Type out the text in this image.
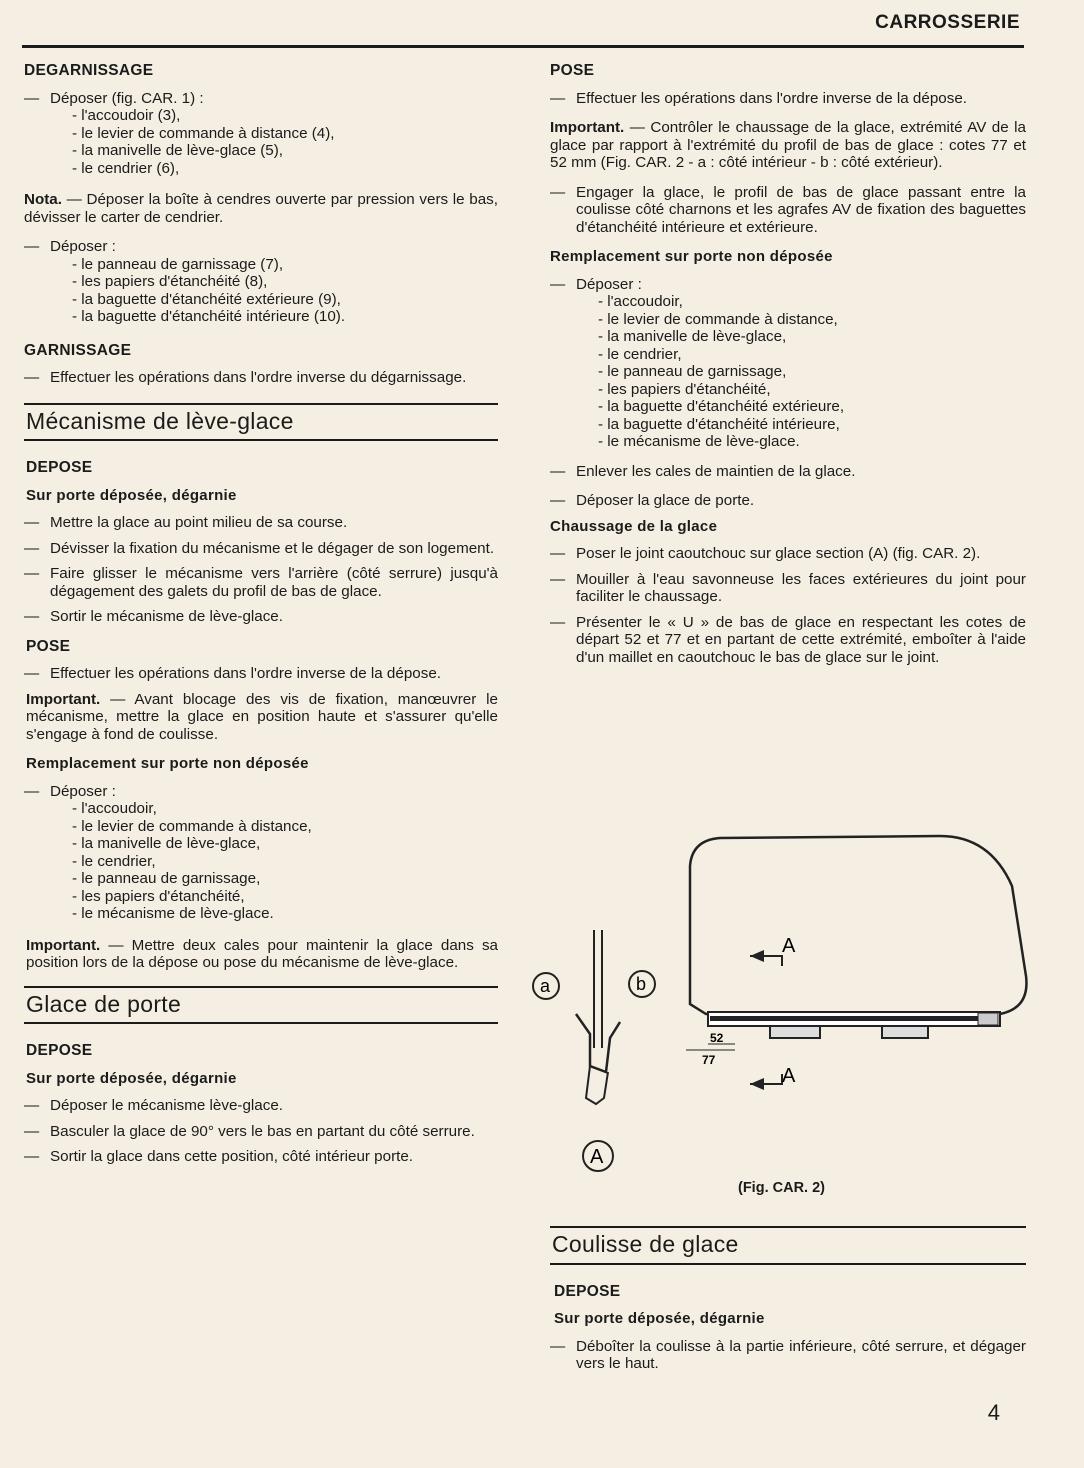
CARROSSERIE
DEGARNISSAGE
— Déposer (fig. CAR. 1) :
- l'accoudoir (3),
- le levier de commande à distance (4),
- la manivelle de lève-glace (5),
- le cendrier (6),
Nota. — Déposer la boîte à cendres ouverte par pression vers le bas, dévisser le carter de cendrier.
— Déposer :
- le panneau de garnissage (7),
- les papiers d'étanchéité (8),
- la baguette d'étanchéité extérieure (9),
- la baguette d'étanchéité intérieure (10).
GARNISSAGE
— Effectuer les opérations dans l'ordre inverse du dégarnissage.
Mécanisme de lève-glace
DEPOSE
Sur porte déposée, dégarnie
— Mettre la glace au point milieu de sa course.
— Dévisser la fixation du mécanisme et le dégager de son logement.
— Faire glisser le mécanisme vers l'arrière (côté serrure) jusqu'à dégagement des galets du profil de bas de glace.
— Sortir le mécanisme de lève-glace.
POSE
— Effectuer les opérations dans l'ordre inverse de la dépose.
Important. — Avant blocage des vis de fixation, manœuvrer le mécanisme, mettre la glace en position haute et s'assurer qu'elle s'engage à fond de coulisse.
Remplacement sur porte non déposée
— Déposer :
- l'accoudoir,
- le levier de commande à distance,
- la manivelle de lève-glace,
- le cendrier,
- le panneau de garnissage,
- les papiers d'étanchéité,
- le mécanisme de lève-glace.
Important. — Mettre deux cales pour maintenir la glace dans sa position lors de la dépose ou pose du mécanisme de lève-glace.
Glace de porte
DEPOSE
Sur porte déposée, dégarnie
— Déposer le mécanisme lève-glace.
— Basculer la glace de 90° vers le bas en partant du côté serrure.
— Sortir la glace dans cette position, côté intérieur porte.
POSE
— Effectuer les opérations dans l'ordre inverse de la dépose.
Important. — Contrôler le chaussage de la glace, extrémité AV de la glace par rapport à l'extrémité du profil de bas de glace : cotes 77 et 52 mm (Fig. CAR. 2 - a : côté intérieur - b : côté extérieur).
— Engager la glace, le profil de bas de glace passant entre la coulisse côté charnons et les agrafes AV de fixation des baguettes d'étanchéité intérieure et extérieure.
Remplacement sur porte non déposée
— Déposer :
- l'accoudoir,
- le levier de commande à distance,
- la manivelle de lève-glace,
- le cendrier,
- le panneau de garnissage,
- les papiers d'étanchéité,
- la baguette d'étanchéité extérieure,
- la baguette d'étanchéité intérieure,
- le mécanisme de lève-glace.
— Enlever les cales de maintien de la glace.
— Déposer la glace de porte.
Chaussage de la glace
— Poser le joint caoutchouc sur glace section (A) (fig. CAR. 2).
— Mouiller à l'eau savonneuse les faces extérieures du joint pour faciliter le chaussage.
— Présenter le « U » de bas de glace en respectant les cotes de départ 52 et 77 et en partant de cette extrémité, emboîter à l'aide d'un maillet en caoutchouc le bas de glace sur le joint.
A
A
52
77
a	b
A
(Fig. CAR. 2)
Coulisse de glace
DEPOSE
Sur porte déposée, dégarnie
— Déboîter la coulisse à la partie inférieure, côté serrure, et dégager vers le haut.
4
